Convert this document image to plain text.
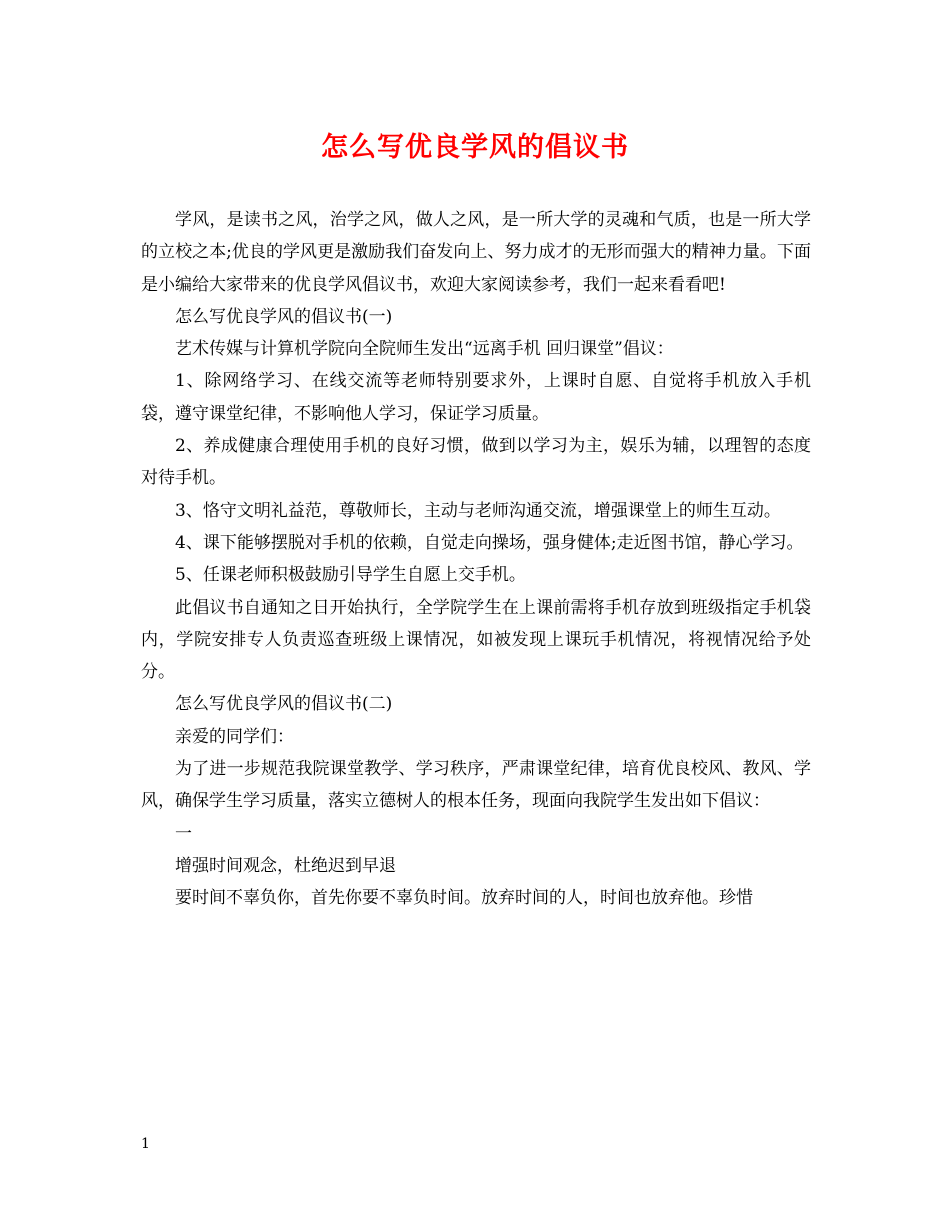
怎么写优良学风的倡议书

学风，是读书之风，治学之风，做人之风，是一所大学的灵魂和气质，也是一所大学的立校之本;优良的学风更是激励我们奋发向上、努力成才的无形而强大的精神力量。下面是小编给大家带来的优良学风倡议书，欢迎大家阅读参考，我们一起来看看吧!

怎么写优良学风的倡议书(一)

艺术传媒与计算机学院向全院师生发出“远离手机 回归课堂”倡议：

1、除网络学习、在线交流等老师特别要求外，上课时自愿、自觉将手机放入手机袋，遵守课堂纪律，不影响他人学习，保证学习质量。

2、养成健康合理使用手机的良好习惯，做到以学习为主，娱乐为辅，以理智的态度对待手机。

3、恪守文明礼益范，尊敬师长，主动与老师沟通交流，增强课堂上的师生互动。

4、课下能够摆脱对手机的依赖，自觉走向操场，强身健体;走近图书馆，静心学习。

5、任课老师积极鼓励引导学生自愿上交手机。

此倡议书自通知之日开始执行，全学院学生在上课前需将手机存放到班级指定手机袋内，学院安排专人负责巡查班级上课情况，如被发现上课玩手机情况，将视情况给予处分。

怎么写优良学风的倡议书(二)

亲爱的同学们：

为了进一步规范我院课堂教学、学习秩序，严肃课堂纪律，培育优良校风、教风、学风，确保学生学习质量，落实立德树人的根本任务，现面向我院学生发出如下倡议：

一

增强时间观念，杜绝迟到早退

要时间不辜负你，首先你要不辜负时间。放弃时间的人，时间也放弃他。珍惜

1
